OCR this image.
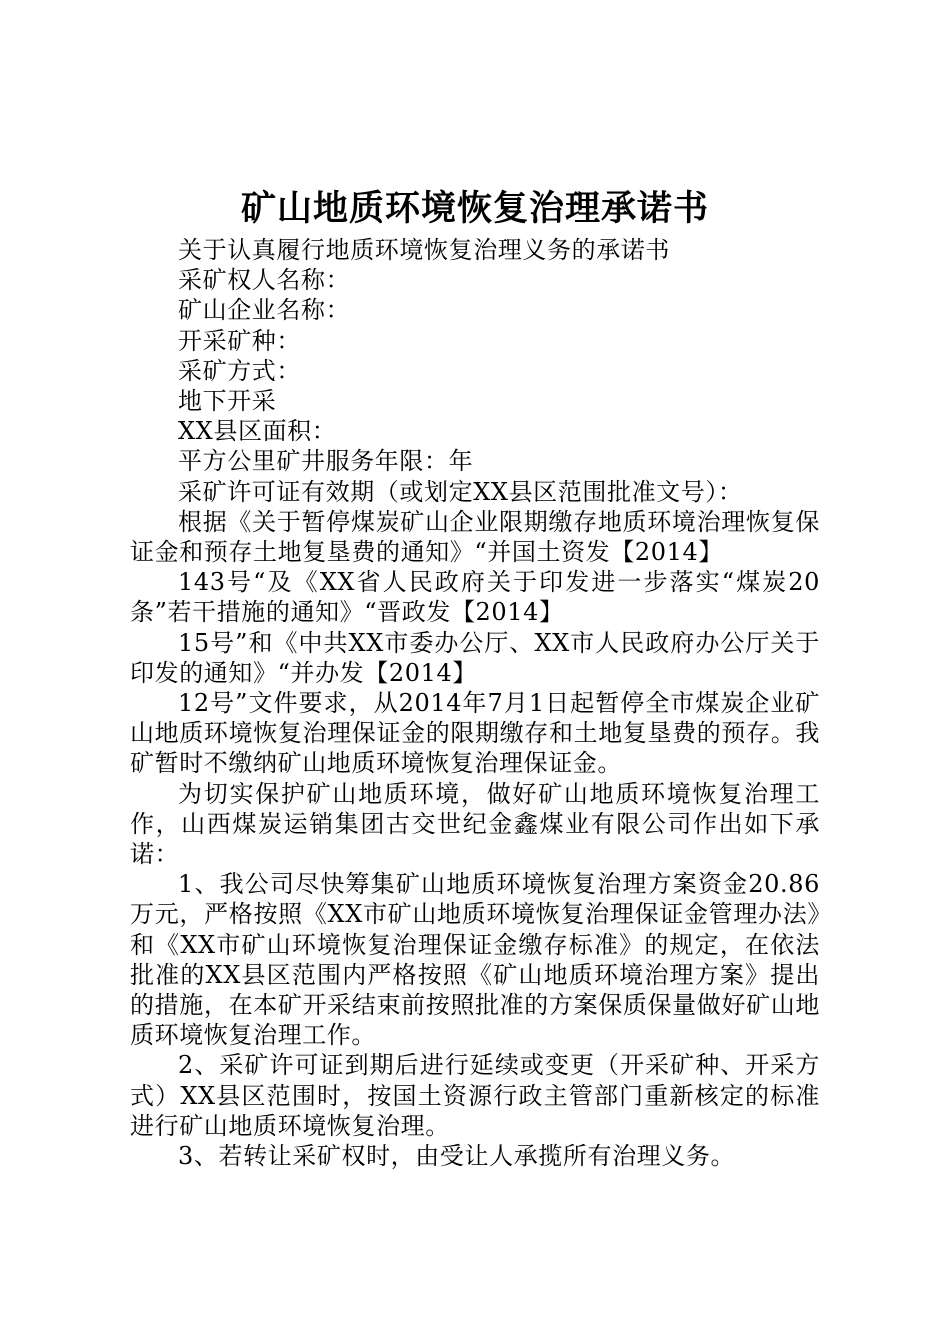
矿山地质环境恢复治理承诺书

关于认真履行地质环境恢复治理义务的承诺书

采矿权人名称：

矿山企业名称：

开采矿种：

采矿方式：

地下开采

XX县区面积：

平方公里矿井服务年限：年

采矿许可证有效期（或划定XX县区范围批准文号）：

根据《关于暂停煤炭矿山企业限期缴存地质环境治理恢复保证金和预存土地复垦费的通知》“并国土资发【2014】

143号“及《XX省人民政府关于印发进一步落实“煤炭20条”若干措施的通知》“晋政发【2014】

15号”和《中共XX市委办公厅、XX市人民政府办公厅关于印发的通知》“并办发【2014】

12号”文件要求，从2014年7月1日起暂停全市煤炭企业矿山地质环境恢复治理保证金的限期缴存和土地复垦费的预存。我矿暂时不缴纳矿山地质环境恢复治理保证金。

为切实保护矿山地质环境，做好矿山地质环境恢复治理工作，山西煤炭运销集团古交世纪金鑫煤业有限公司作出如下承诺：

1、我公司尽快筹集矿山地质环境恢复治理方案资金20.86万元，严格按照《XX市矿山地质环境恢复治理保证金管理办法》和《XX市矿山环境恢复治理保证金缴存标准》的规定，在依法批准的XX县区范围内严格按照《矿山地质环境治理方案》提出的措施，在本矿开采结束前按照批准的方案保质保量做好矿山地质环境恢复治理工作。

2、采矿许可证到期后进行延续或变更（开采矿种、开采方式）XX县区范围时，按国土资源行政主管部门重新核定的标准进行矿山地质环境恢复治理。

3、若转让采矿权时，由受让人承揽所有治理义务。
